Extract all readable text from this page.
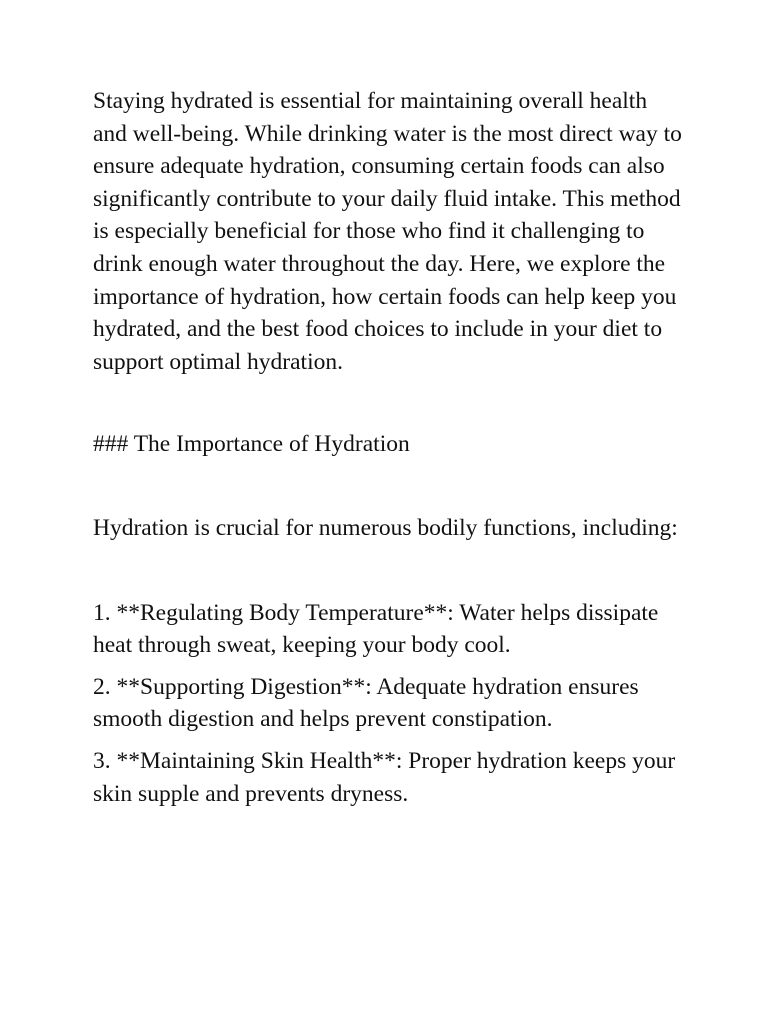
Staying hydrated is essential for maintaining overall health and well-being. While drinking water is the most direct way to ensure adequate hydration, consuming certain foods can also significantly contribute to your daily fluid intake. This method is especially beneficial for those who find it challenging to drink enough water throughout the day. Here, we explore the importance of hydration, how certain foods can help keep you hydrated, and the best food choices to include in your diet to support optimal hydration.

### The Importance of Hydration

Hydration is crucial for numerous bodily functions, including:

1. **Regulating Body Temperature**: Water helps dissipate heat through sweat, keeping your body cool.
2. **Supporting Digestion**: Adequate hydration ensures smooth digestion and helps prevent constipation.
3. **Maintaining Skin Health**: Proper hydration keeps your skin supple and prevents dryness.
